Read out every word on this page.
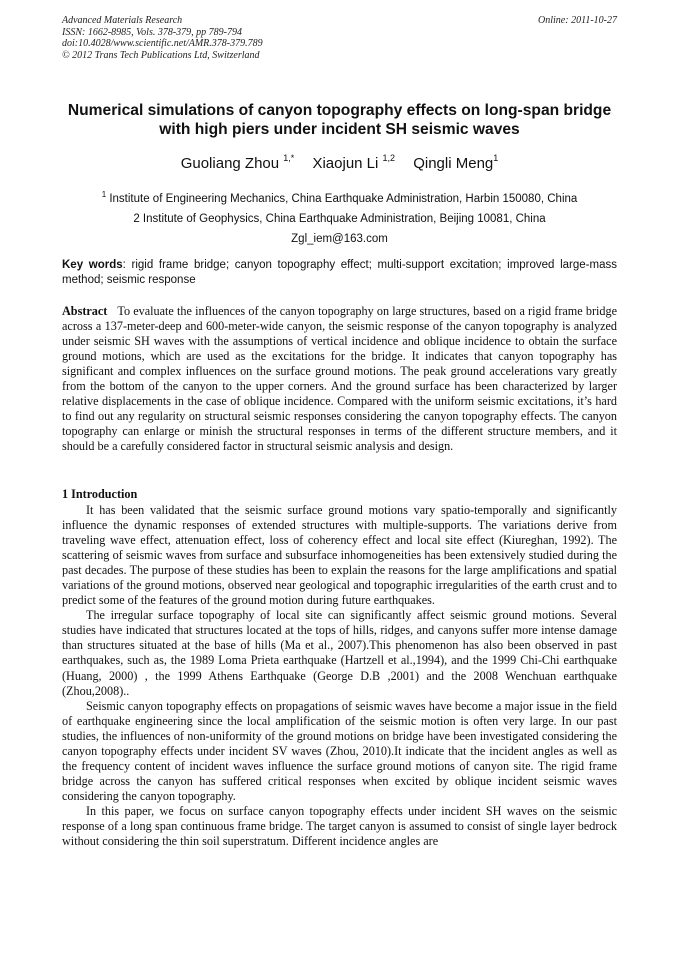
Advanced Materials Research
ISSN: 1662-8985, Vols. 378-379, pp 789-794
doi:10.4028/www.scientific.net/AMR.378-379.789
© 2012 Trans Tech Publications Ltd, Switzerland
Online: 2011-10-27
Numerical simulations of canyon topography effects on long-span bridge with high piers under incident SH seismic waves
Guoliang Zhou $^{1,*}$ Xiaojun Li $^{1,2}$ Qingli Meng$^1$
$^1$ Institute of Engineering Mechanics, China Earthquake Administration, Harbin 150080, China
2 Institute of Geophysics, China Earthquake Administration, Beijing 10081, China
Zgl_iem@163.com
Key words: rigid frame bridge; canyon topography effect; multi-support excitation; improved large-mass method; seismic response
Abstract To evaluate the influences of the canyon topography on large structures, based on a rigid frame bridge across a 137-meter-deep and 600-meter-wide canyon, the seismic response of the canyon topography is analyzed under seismic SH waves with the assumptions of vertical incidence and oblique incidence to obtain the surface ground motions, which are used as the excitations for the bridge. It indicates that canyon topography has significant and complex influences on the surface ground motions. The peak ground accelerations vary greatly from the bottom of the canyon to the upper corners. And the ground surface has been characterized by larger relative displacements in the case of oblique incidence. Compared with the uniform seismic excitations, it’s hard to find out any regularity on structural seismic responses considering the canyon topography effects. The canyon topography can enlarge or minish the structural responses in terms of the different structure members, and it should be a carefully considered factor in structural seismic analysis and design.
1 Introduction

It has been validated that the seismic surface ground motions vary spatio-temporally and significantly influence the dynamic responses of extended structures with multiple-supports. The variations derive from traveling wave effect, attenuation effect, loss of coherency effect and local site effect (Kiureghan, 1992). The scattering of seismic waves from surface and subsurface inhomogeneities has been extensively studied during the past decades. The purpose of these studies has been to explain the reasons for the large amplifications and spatial variations of the ground motions, observed near geological and topographic irregularities of the earth crust and to predict some of the features of the ground motion during future earthquakes.

The irregular surface topography of local site can significantly affect seismic ground motions. Several studies have indicated that structures located at the tops of hills, ridges, and canyons suffer more intense damage than structures situated at the base of hills (Ma et al., 2007).This phenomenon has also been observed in past earthquakes, such as, the 1989 Loma Prieta earthquake (Hartzell et al.,1994), and the 1999 Chi-Chi earthquake (Huang, 2000) , the 1999 Athens Earthquake (George D.B ,2001) and the 2008 Wenchuan earthquake (Zhou,2008)..

Seismic canyon topography effects on propagations of seismic waves have become a major issue in the field of earthquake engineering since the local amplification of the seismic motion is often very large. In our past studies, the influences of non-uniformity of the ground motions on bridge have been investigated considering the canyon topography effects under incident SV waves (Zhou, 2010).It indicate that the incident angles as well as the frequency content of incident waves influence the surface ground motions of canyon site. The rigid frame bridge across the canyon has suffered critical responses when excited by oblique incident seismic waves considering the canyon topography.

In this paper, we focus on surface canyon topography effects under incident SH waves on the seismic response of a long span continuous frame bridge. The target canyon is assumed to consist of single layer bedrock without considering the thin soil superstratum. Different incidence angles are
